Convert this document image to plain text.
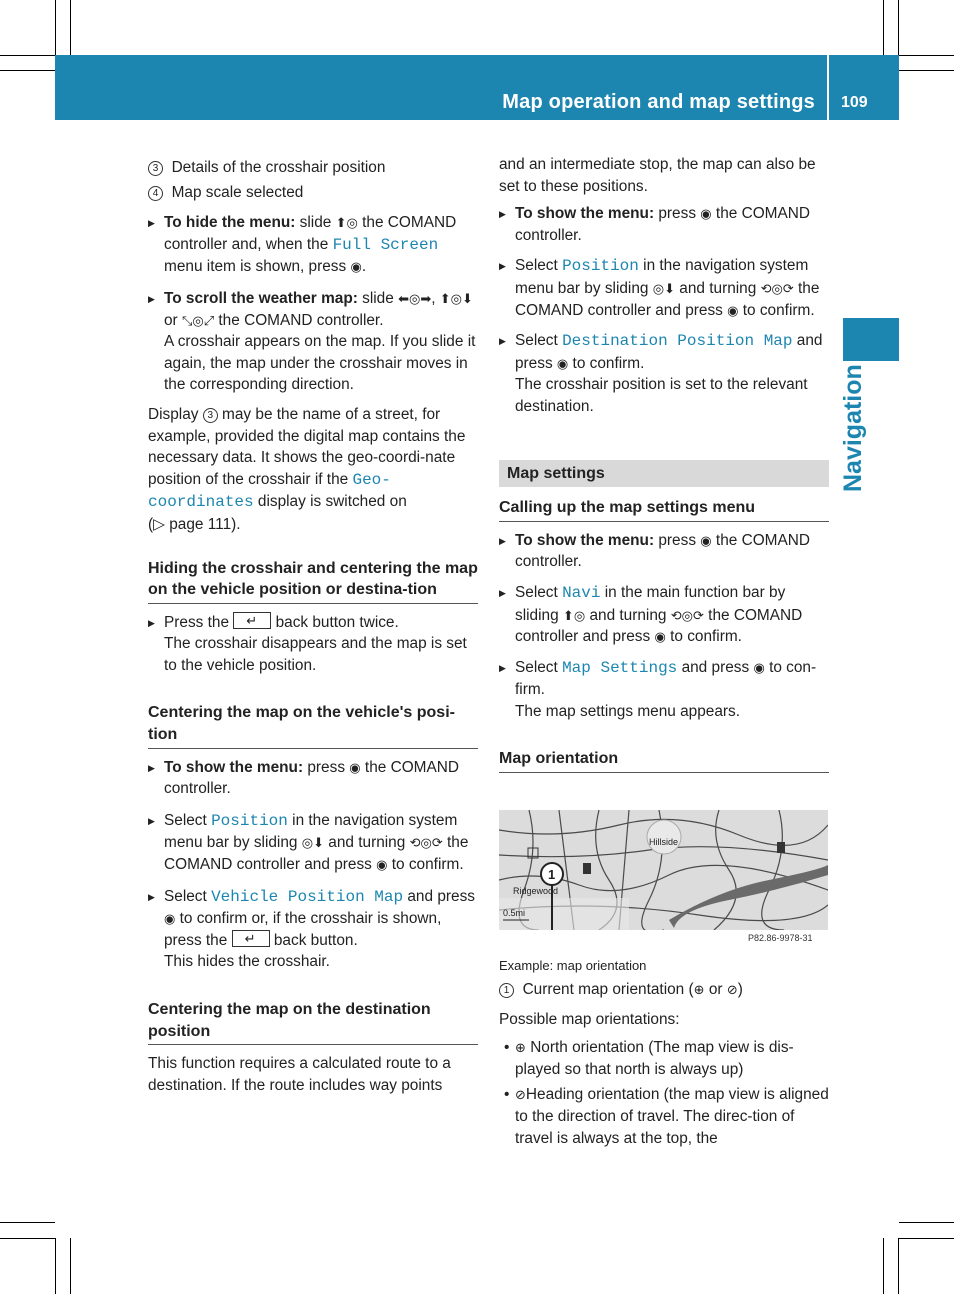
Map operation and map settings 109
Navigation

3 Details of the crosshair position

4 Map scale selected

▶ To hide the menu: slide ⬆◎ the COMAND controller and, when the Full Screen menu item is shown, press ◉.

▶ To scroll the weather map: slide ⬅◎➡, ⬆◎⬇ or ⤡◎⤢ the COMAND controller.
A crosshair appears on the map. If you slide it again, the map under the crosshair moves in the corresponding direction.

Display 3 may be the name of a street, for example, provided the digital map contains the necessary data. It shows the geo-coordi-nate position of the crosshair if the Geo-coordinates display is switched on
(▷ page 111).

Hiding the crosshair and centering the map on the vehicle position or destina-tion

▶ Press the ↵	back button twice.
The crosshair disappears and the map is set to the vehicle position.

Centering the map on the vehicle's posi-tion

▶ To show the menu: press ◉ the COMAND controller.

▶ Select Position in the navigation system menu bar by sliding ◎⬇ and turning ⟲◎⟳ the COMAND controller and press ◉ to confirm.

▶ Select Vehicle Position Map and press ◉ to confirm or, if the crosshair is shown, press the ↵	back button.
This hides the crosshair.

Centering the map on the destination position

This function requires a calculated route to a destination. If the route includes way points

and an intermediate stop, the map can also be set to these positions.

▶ To show the menu: press ◉ the COMAND controller.

▶ Select Position in the navigation system menu bar by sliding ◎⬇ and turning ⟲◎⟳ the COMAND controller and press ◉ to confirm.

▶ Select Destination Position Map and press ◉ to confirm.
The crosshair position is set to the relevant destination.

Map settings
Calling up the map settings menu

▶ To show the menu: press ◉ the COMAND controller.

▶ Select Navi in the main function bar by sliding ⬆◎ and turning ⟲◎⟳ the COMAND controller and press ◉ to confirm.

▶ Select Map Settings and press ◉ to con-firm.
The map settings menu appears.

Map orientation
1
Hillside
Ridgewood
0.5mi
P82.86-9978-31

Example: map orientation

1 Current map orientation (⊕ or ⊘)

Possible map orientations:

• ⊕ North orientation (The map view is dis-played so that north is always up)

• ⊘Heading orientation (the map view is aligned to the direction of travel. The direc-tion of travel is always at the top, the
